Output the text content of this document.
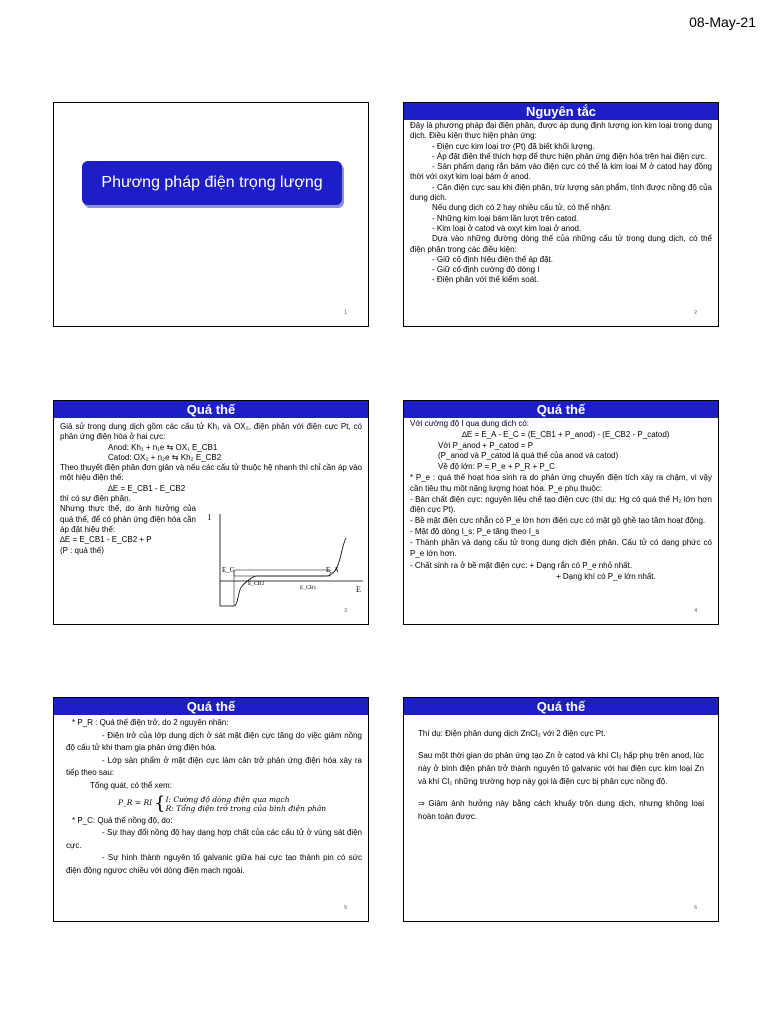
08-May-21
Phương pháp điện trọng lượng
1
Nguyên tắc

Đây là phương pháp đại điện phân, được áp dụng định lượng ion kim loại trong dung dịch. Điều kiện thực hiện phản ứng:

- Điện cực kim loại trơ (Pt) đã biết khối lượng.

- Áp đặt điện thế thích hợp để thực hiện phản ứng điện hóa trên hai điện cực.

- Sản phẩm dạng rắn bám vào điện cực có thể là kim loại M ở catod hay đồng thời với oxyt kim loại bám ở anod.

- Cân điện cực sau khi điện phân, trừ lượng sản phẩm, tính được nồng độ của dung dịch.

Nếu dung dịch có 2 hay nhiều cấu tử, có thể nhận:

- Những kim loại bám lần lượt trên catod.

- Kim loại ở catod và oxyt kim loại ở anod.

Dựa vào những đường dòng thế của những cấu tử trong dung dịch, có thể điện phân trong các điều kiện:

- Giữ cố định hiệu điện thế áp đặt.

- Giữ cố định cường độ dòng I

- Điện phân với thế kiểm soát.

2
Quá thế

Giả sử trong dung dịch gồm các cấu tử Kh₁ và OX₂, điện phân với điện cực Pt, có phản ứng điện hóa ở hai cực:

Anod: Kh₁ + n₁e ⇆ OX₁ E_CB1

Catod: OX₂ + n₂e ⇆ Kh₂ E_CB2

Theo thuyết điện phân đơn giản và nếu các cấu tử thuộc hệ nhanh thì chỉ cần áp vào một hiệu điện thế:

∆E = E_CB1 - E_CB2

thì có sự điện phân.

Nhưng thực thế, do ảnh hưởng của quá thế, để có phản ứng điện hóa cần áp đặt hiệu thế:

∆E = E_CB1 - E_CB2 + P

(P : quá thế)

I
E
E_C	E_A
E_CB2
E_CB1
3
Quá thế

Với cường độ I qua dung dịch có:

∆E = E_A - E_C = (E_CB1 + P_anod) - (E_CB2 - P_catod)

Với P_anod + P_catod = P

(P_anod và P_catod là quá thế của anod và catod)

Về độ lớn: P = P_e + P_R + P_C

* P_e : quá thế hoạt hóa sinh ra do phản ứng chuyển điện tích xảy ra chậm, vì vậy cần tiêu thụ một năng lượng hoạt hóa. P_e phụ thuộc:

- Bản chất điện cực: nguyên liệu chế tạo điện cực (thí dụ: Hg có quá thế H₂ lớn hơn điện cực Pt).

- Bề mặt điện cực nhẵn có P_e lớn hơn điện cực có mặt gồ ghề tạo tâm hoạt động.

- Mật độ dòng I_s: P_e tăng theo I_s

- Thành phần và dạng cấu tử trong dung dịch điện phân. Cấu tử có dạng phức có P_e lớn hơn.

- Chất sinh ra ở bề mặt điện cực: + Dạng rắn có P_e nhỏ nhất.

+ Dạng khí có P_e lớn nhất.

4
Quá thế

* P_R : Quá thế điện trở, do 2 nguyên nhân:

- Điện trở của lớp dung dịch ở sát mặt điện cực tăng do việc giảm nồng độ cấu tử khi tham gia phản ứng điện hóa.

- Lớp sản phẩm ở mặt điện cực làm cản trở phản ứng điện hóa xảy ra tiếp theo sau:

Tổng quát, có thể xem:

P_R = RI { I: Cường độ dòng điện qua mạch
R: Tổng điện trở trong của bình điện phân

* P_C: Quá thế nồng độ, do:

- Sự thay đổi nồng độ hay dạng hợp chất của các cấu tử ở vùng sát điện cực.

- Sự hình thành nguyên tố galvanic giữa hai cực tạo thành pin có sức điện động ngược chiều với dòng điện mạch ngoài.

5
Quá thế

Thí dụ: Điện phân dung dịch ZnCl₂ với 2 điện cực Pt.

Sau một thời gian do phản ứng tạo Zn ở catod và khí Cl₂ hấp phụ trên anod, lúc này ở bình điện phân trở thành nguyên tố galvanic với hai điện cực kim loại Zn và khí Cl₂ những trường hợp này gọi là điện cực bị phân cực nồng độ.

⇒ Giảm ảnh hưởng này bằng cách khuấy trộn dung dịch, nhưng không loại hoàn toàn được.

6
